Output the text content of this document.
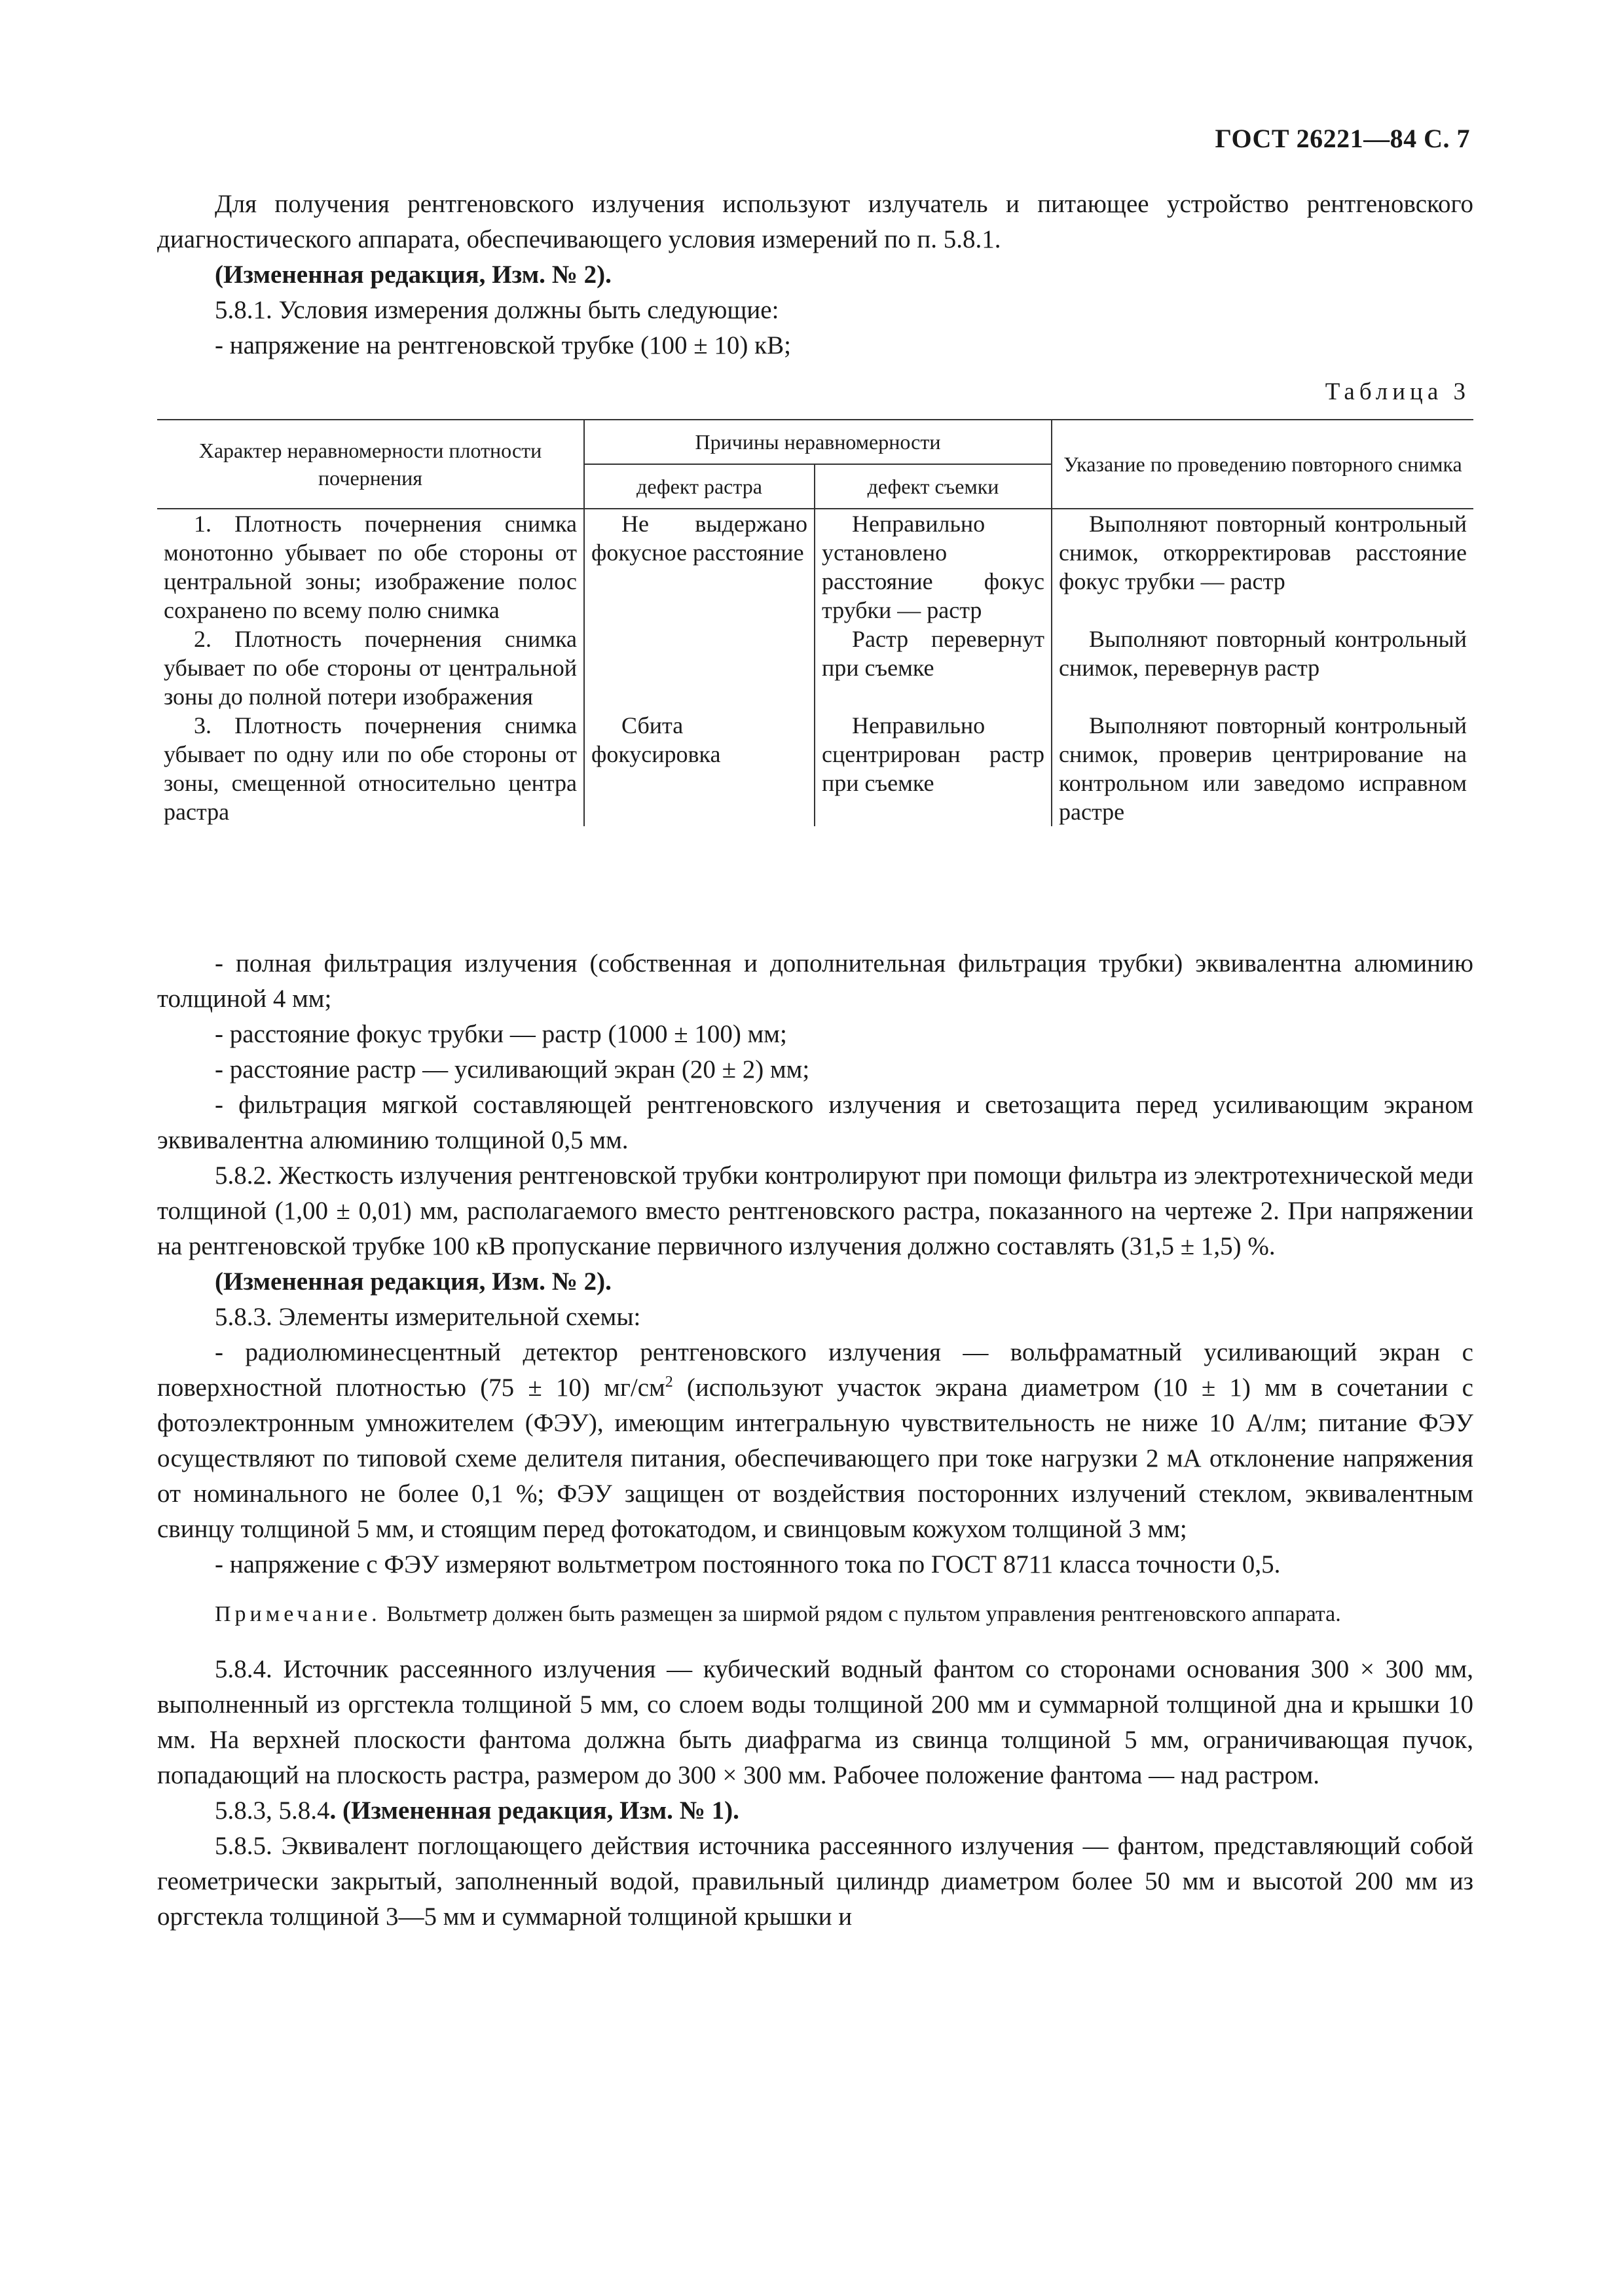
ГОСТ 26221—84 С. 7

Для получения рентгеновского излучения используют излучатель и питающее устройство рентгеновского диагностического аппарата, обеспечивающего условия измерений по п. 5.8.1.

(Измененная редакция, Изм. № 2).

5.8.1. Условия измерения должны быть следующие:

- напряжение на рентгеновской трубке (100 ± 10) кВ;

Таблица 3
Характер неравномерности плотности почернения	Причины неравномерности		Указание по проведению повторного снимка
	дефект растра	дефект съемки	

1. Плотность почернения снимка монотонно убывает по обе стороны от центральной зоны; изображение полос сохранено по всему полю снимка	Не выдержано фокусное расстояние	Неправильно установлено расстояние фокус трубки — растр	Выполняют повторный контрольный снимок, откорректировав расстояние фокус трубки — растр

2. Плотность почернения снимка убывает по обе стороны от центральной зоны до полной потери изображения		Растр перевернут при съемке	Выполняют повторный контрольный снимок, перевернув растр

3. Плотность почернения снимка убывает по одну или по обе стороны от зоны, смещенной относительно центра растра	Сбита фокусировка	Неправильно сцентрирован растр при съемке	Выполняют повторный контрольный снимок, проверив центрирование на контрольном или заведомо исправном растре

- полная фильтрация излучения (собственная и дополнительная фильтрация трубки) эквивалентна алюминию толщиной 4 мм;

- расстояние фокус трубки — растр (1000 ± 100) мм;

- расстояние растр — усиливающий экран (20 ± 2) мм;

- фильтрация мягкой составляющей рентгеновского излучения и светозащита перед усиливающим экраном эквивалентна алюминию толщиной 0,5 мм.

5.8.2. Жесткость излучения рентгеновской трубки контролируют при помощи фильтра из электротехнической меди толщиной (1,00 ± 0,01) мм, располагаемого вместо рентгеновского растра, показанного на чертеже 2. При напряжении на рентгеновской трубке 100 кВ пропускание первичного излучения должно составлять (31,5 ± 1,5) %.

(Измененная редакция, Изм. № 2).

5.8.3. Элементы измерительной схемы:

- радиолюминесцентный детектор рентгеновского излучения — вольфраматный усиливающий экран с поверхностной плотностью (75 ± 10) $мг/см^2$ (используют участок экрана диаметром (10 ± 1) мм в сочетании с фотоэлектронным умножителем (ФЭУ), имеющим интегральную чувствительность не ниже 10 А/лм; питание ФЭУ осуществляют по типовой схеме делителя питания, обеспечивающего при токе нагрузки 2 мА отклонение напряжения от номинального не более 0,1 %; ФЭУ защищен от воздействия посторонних излучений стеклом, эквивалентным свинцу толщиной 5 мм, и стоящим перед фотокатодом, и свинцовым кожухом толщиной 3 мм;

- напряжение с ФЭУ измеряют вольтметром постоянного тока по ГОСТ 8711 класса точности 0,5.

Примечание. Вольтметр должен быть размещен за ширмой рядом с пультом управления рентгеновского аппарата.

5.8.4. Источник рассеянного излучения — кубический водный фантом со сторонами основания 300 × 300 мм, выполненный из оргстекла толщиной 5 мм, со слоем воды толщиной 200 мм и суммарной толщиной дна и крышки 10 мм. На верхней плоскости фантома должна быть диафрагма из свинца толщиной 5 мм, ограничивающая пучок, попадающий на плоскость растра, размером до 300 × 300 мм. Рабочее положение фантома — над растром.

5.8.3, 5.8.4. (Измененная редакция, Изм. № 1).

5.8.5. Эквивалент поглощающего действия источника рассеянного излучения — фантом, представляющий собой геометрически закрытый, заполненный водой, правильный цилиндр диаметром более 50 мм и высотой 200 мм из оргстекла толщиной 3—5 мм и суммарной толщиной крышки и
